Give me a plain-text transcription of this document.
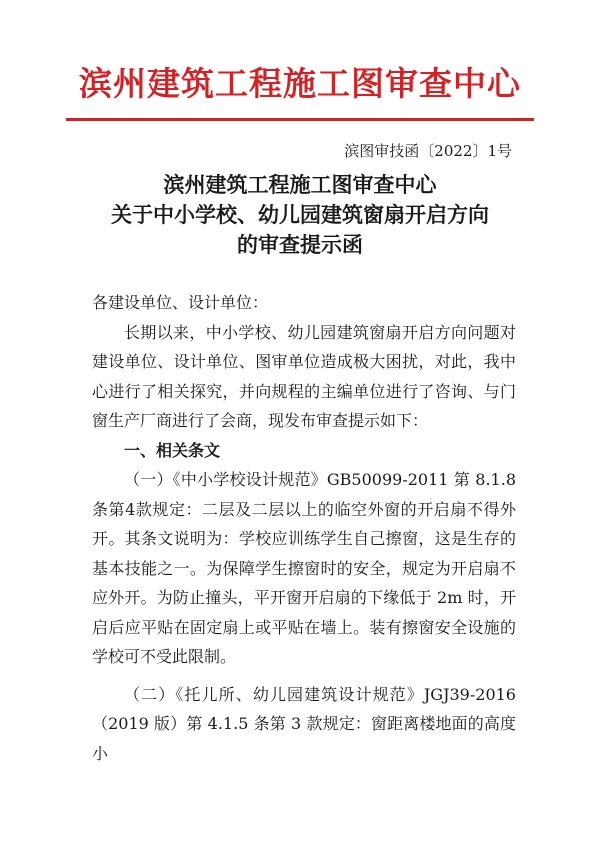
滨州建筑工程施工图审查中心
滨图审技函〔2022〕1号
滨州建筑工程施工图审查中心
关于中小学校、幼儿园建筑窗扇开启方向
的审查提示函

各建设单位、设计单位：

长期以来，中小学校、幼儿园建筑窗扇开启方向问题对建设单位、设计单位、图审单位造成极大困扰，对此，我中心进行了相关探究，并向规程的主编单位进行了咨询、与门窗生产厂商进行了会商，现发布审查提示如下：

一、相关条文

（一）《中小学校设计规范》GB50099-2011 第 8.1.8 条第4款规定：二层及二层以上的临空外窗的开启扇不得外开。其条文说明为：学校应训练学生自己擦窗，这是生存的基本技能之一。为保障学生擦窗时的安全，规定为开启扇不应外开。为防止撞头，平开窗开启扇的下缘低于 2m 时，开启后应平贴在固定扇上或平贴在墙上。装有擦窗安全设施的学校可不受此限制。

（二）《托儿所、幼儿园建筑设计规范》JGJ39-2016（2019 版）第 4.1.5 条第 3 款规定：窗距离楼地面的高度小
